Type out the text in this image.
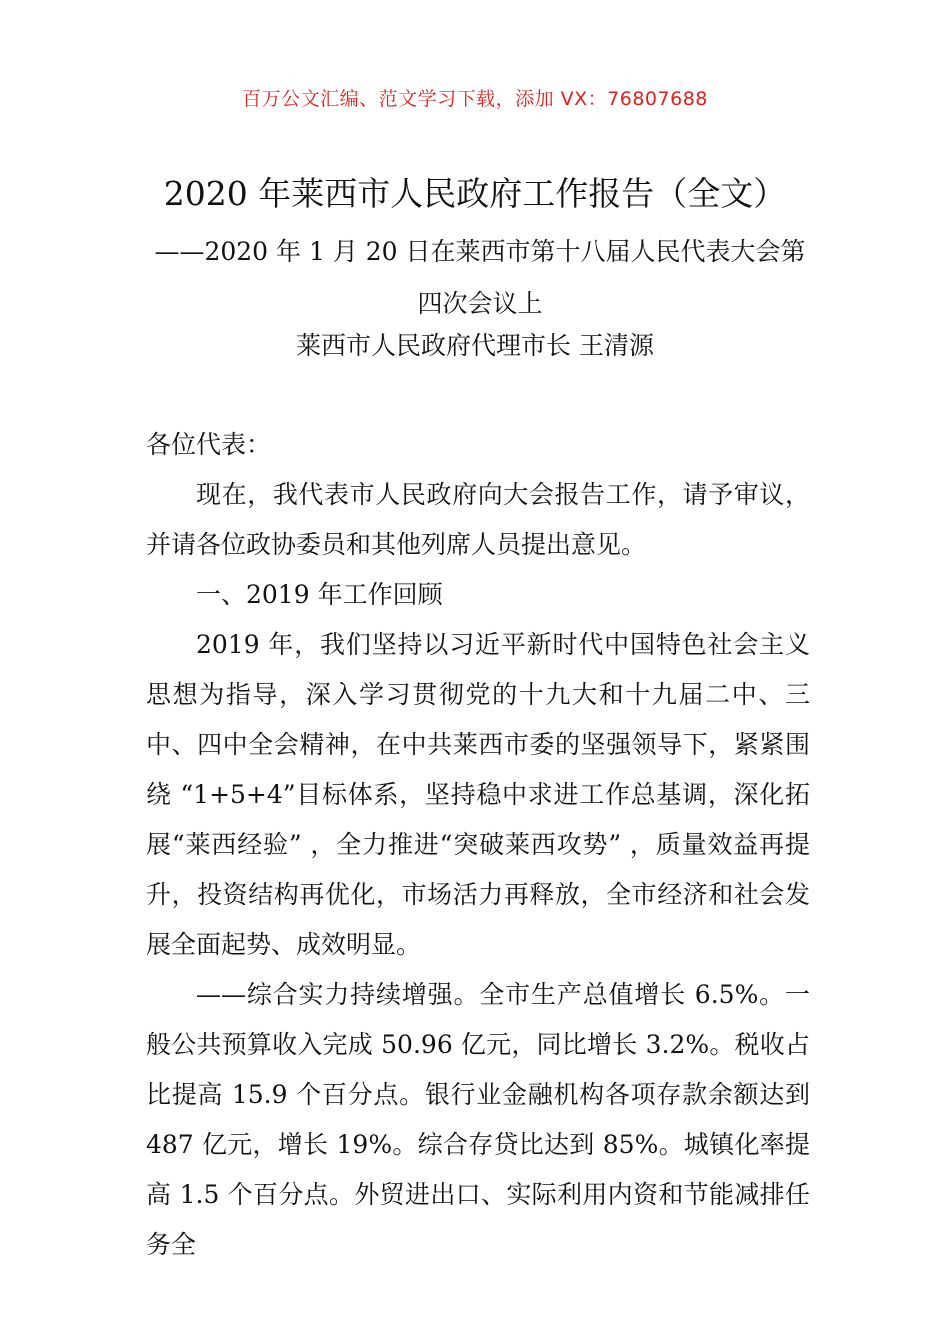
百万公文汇编、范文学习下载，添加 VX：76807688
2020 年莱西市人民政府工作报告（全文）
——2020 年 1 月 20 日在莱西市第十八届人民代表大会第四次会议上
莱西市人民政府代理市长 王清源

各位代表：

现在，我代表市人民政府向大会报告工作，请予审议，并请各位政协委员和其他列席人员提出意见。

一、2019 年工作回顾

2019 年，我们坚持以习近平新时代中国特色社会主义思想为指导，深入学习贯彻党的十九大和十九届二中、三中、四中全会精神，在中共莱西市委的坚强领导下，紧紧围绕 “1+5+4”目标体系，坚持稳中求进工作总基调，深化拓展“莱西经验” ，全力推进“突破莱西攻势” ，质量效益再提升，投资结构再优化，市场活力再释放，全市经济和社会发展全面起势、成效明显。

——综合实力持续增强。全市生产总值增长 6.5%。一般公共预算收入完成 50.96 亿元，同比增长 3.2%。税收占比提高 15.9 个百分点。银行业金融机构各项存款余额达到 487 亿元，增长 19%。综合存贷比达到 85%。城镇化率提高 1.5 个百分点。外贸进出口、实际利用内资和节能减排任务全
